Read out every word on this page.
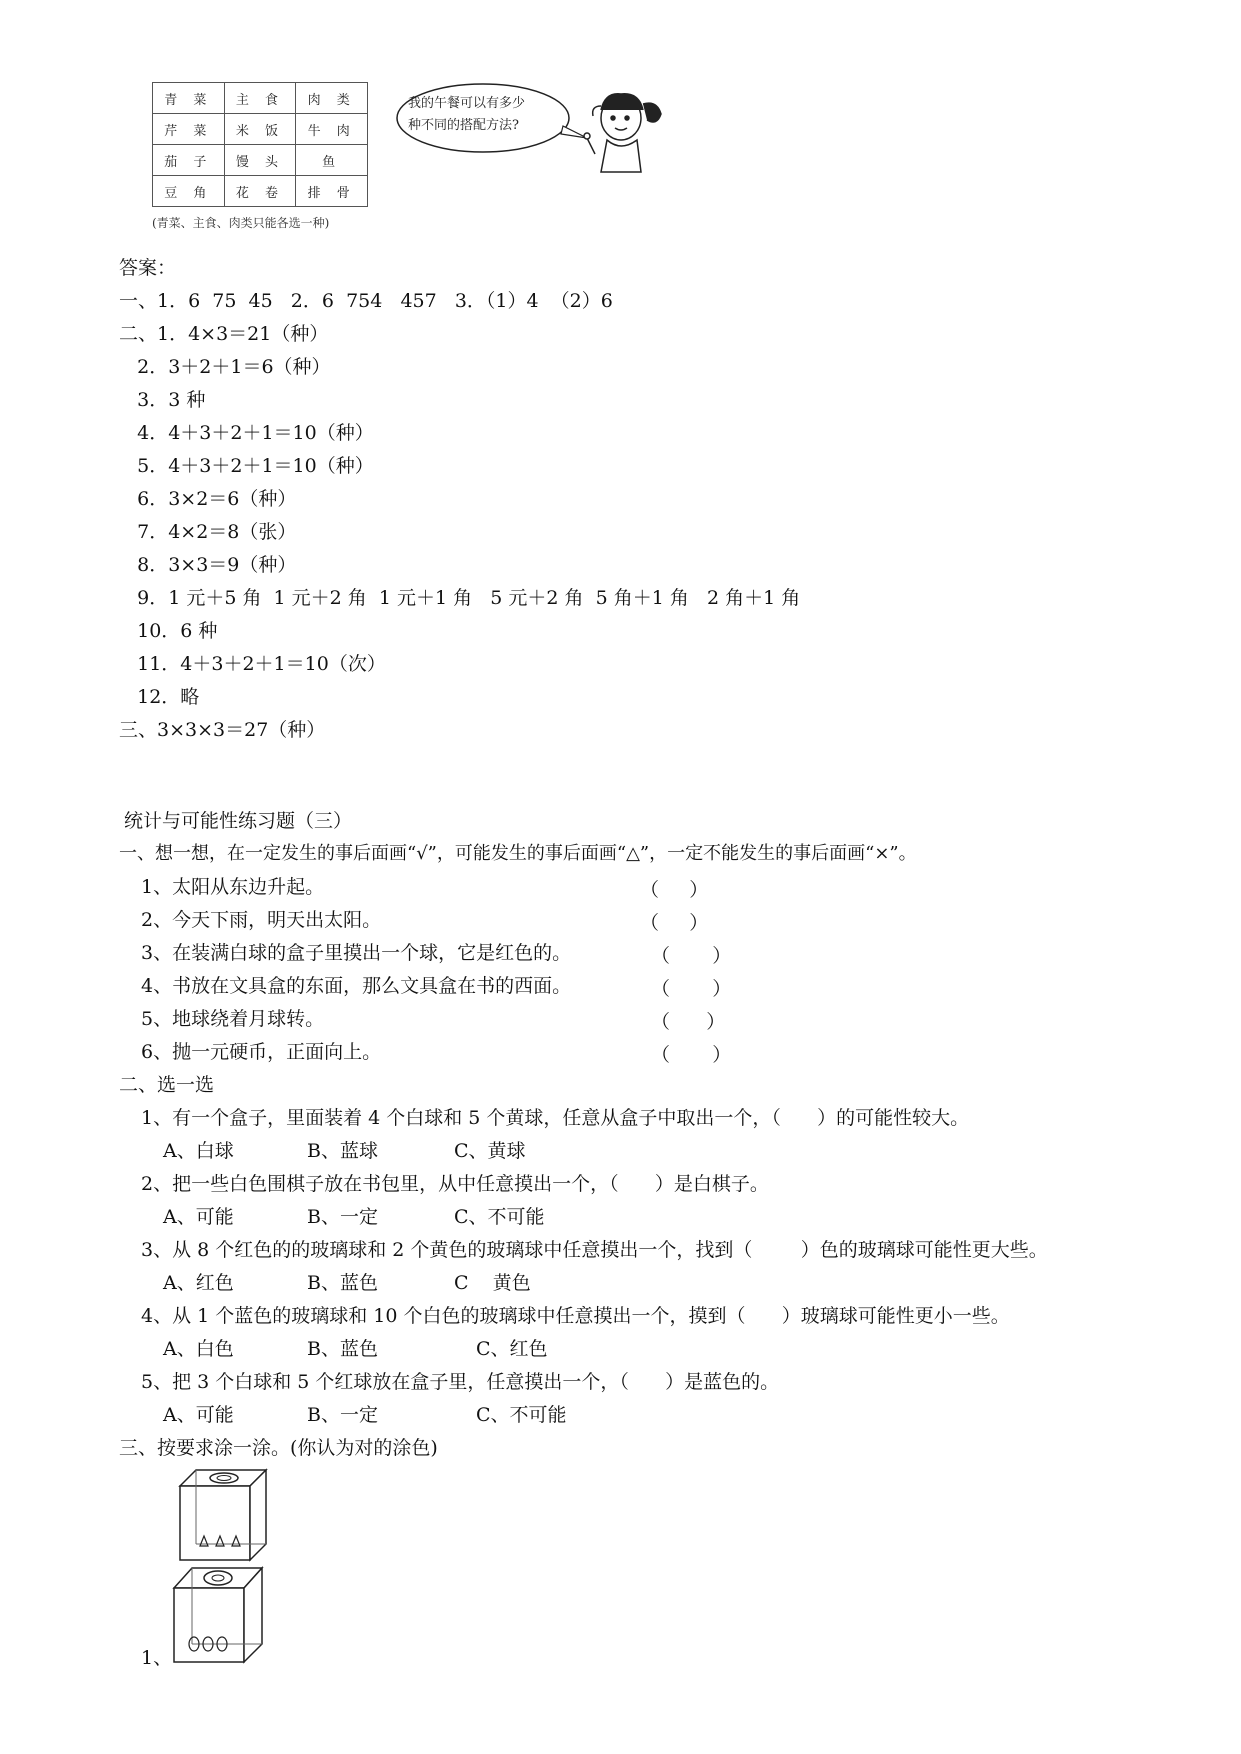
青 菜	主 食	肉 类
芹 菜	米 饭	牛 肉
茄 子	馒 头	鱼
豆 角	花 卷	排 骨
(青菜、主食、肉类只能各选一种)
我的午餐可以有多少
种不同的搭配方法?
答案：
一、1．6  75  45   2．6  754   457   3．（1）4  （2）6
二、1．4×3＝21（种）
2．3＋2＋1＝6（种）
3．3 种
4．4＋3＋2＋1＝10（种）
5．4＋3＋2＋1＝10（种）
6．3×2＝6（种）
7．4×2＝8（张）
8．3×3＝9（种）
9．1 元＋5 角  1 元＋2 角  1 元＋1 角   5 元＋2 角  5 角＋1 角   2 角＋1 角
10．6 种
11．4＋3＋2＋1＝10（次）
12．略
三、3×3×3＝27（种）
统计与可能性练习题（三）
一、想一想，在一定发生的事后面画“√”，可能发生的事后面画“△”，一定不能发生的事后面画“×”。
1、太阳从东边升起。	（     ）
2、今天下雨，明天出太阳。	（     ）
3、在装满白球的盒子里摸出一个球，它是红色的。	（       ）
4、书放在文具盒的东面，那么文具盒在书的西面。	（       ）
5、地球绕着月球转。	（      ）
6、抛一元硬币，正面向上。	（       ）
二、选一选
1、有一个盒子，里面装着 4 个白球和 5 个黄球，任意从盒子中取出一个，（      ）的可能性较大。
A、白球	B、蓝球	C、黄球
2、把一些白色围棋子放在书包里，从中任意摸出一个，（      ）是白棋子。
A、可能	B、一定	C、不可能
3、从 8 个红色的的玻璃球和 2 个黄色的玻璃球中任意摸出一个，找到（        ）色的玻璃球可能性更大些。
A、红色	B、蓝色	C    黄色
4、从 1 个蓝色的玻璃球和 10 个白色的玻璃球中任意摸出一个，摸到（      ）玻璃球可能性更小一些。
A、白色	B、蓝色	C、红色
5、把 3 个白球和 5 个红球放在盒子里，任意摸出一个，（      ）是蓝色的。
A、可能	B、一定	C、不可能
三、按要求涂一涂。(你认为对的涂色)
1、
